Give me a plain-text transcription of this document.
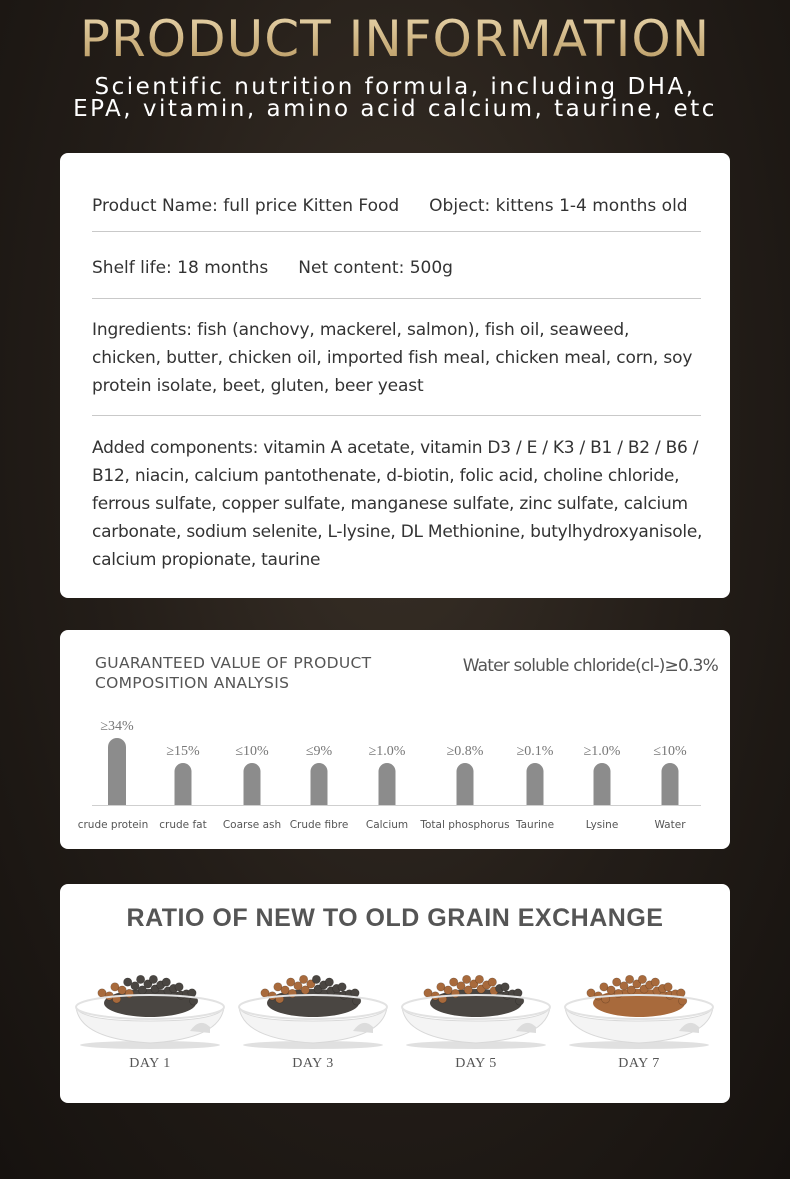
PRODUCT INFORMATION
Scientific nutrition formula, including DHA,
EPA, vitamin, amino acid calcium, taurine, etc
Product Name: full price Kitten Food Object: kittens 1-4 months old
Shelf life: 18 months Net content: 500g
Ingredients: fish (anchovy, mackerel, salmon), fish oil, seaweed, chicken, butter, chicken oil, imported fish meal, chicken meal, corn, soy protein isolate, beet, gluten, beer yeast
Added components: vitamin A acetate, vitamin D3 / E / K3 / B1 / B2 / B6 / B12, niacin, calcium pantothenate, d-biotin, folic acid, choline chloride, ferrous sulfate, copper sulfate, manganese sulfate, zinc sulfate, calcium carbonate, sodium selenite, L-lysine, DL Methionine, butylhydroxyanisole, calcium propionate, taurine
GUARANTEED VALUE OF PRODUCT
COMPOSITION ANALYSIS
Water soluble chloride(cl-)≥0.3%
≥34%
crude protein
≥15%
crude fat
≤10%
Coarse ash
≤9%
Crude fibre
≥1.0%
Calcium
≥0.8%
Total phosphorus
≥0.1%
Taurine
≥1.0%
Lysine
≤10%
Water
RATIO OF NEW TO OLD GRAIN EXCHANGE
DAY 1	DAY 3	DAY 5	DAY 7
